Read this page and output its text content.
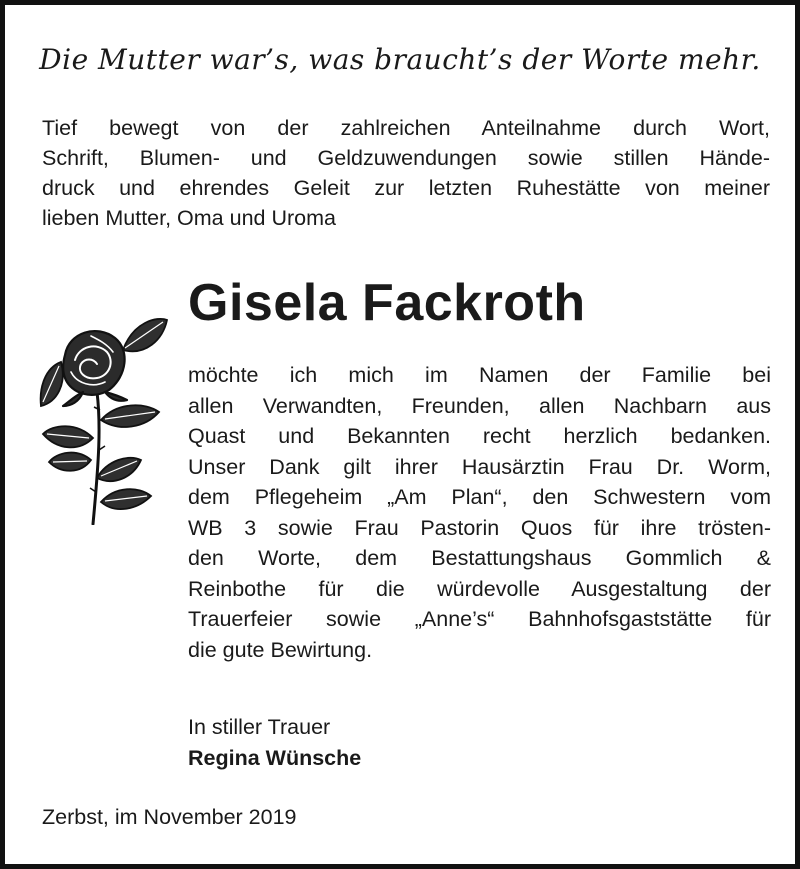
Die Mutter war’s, was braucht’s der Worte mehr.
Tief bewegt von der zahlreichen Anteilnahme durch Wort,
Schrift, Blumen- und Geldzuwendungen sowie stillen Hände-
druck und ehrendes Geleit zur letzten Ruhestätte von meiner
lieben Mutter, Oma und Uroma
Gisela Fackroth
möchte ich mich im Namen der Familie bei
allen Verwandten, Freunden, allen Nachbarn aus
Quast und Bekannten recht herzlich bedanken.
Unser Dank gilt ihrer Hausärztin Frau Dr. Worm,
dem Pflegeheim „Am Plan“, den Schwestern vom
WB 3 sowie Frau Pastorin Quos für ihre trösten-
den Worte, dem Bestattungshaus Gommlich &
Reinbothe für die würdevolle Ausgestaltung der
Trauerfeier sowie „Anne’s“ Bahnhofsgaststätte für
die gute Bewirtung.
In stiller Trauer
Regina Wünsche
Zerbst, im November 2019
